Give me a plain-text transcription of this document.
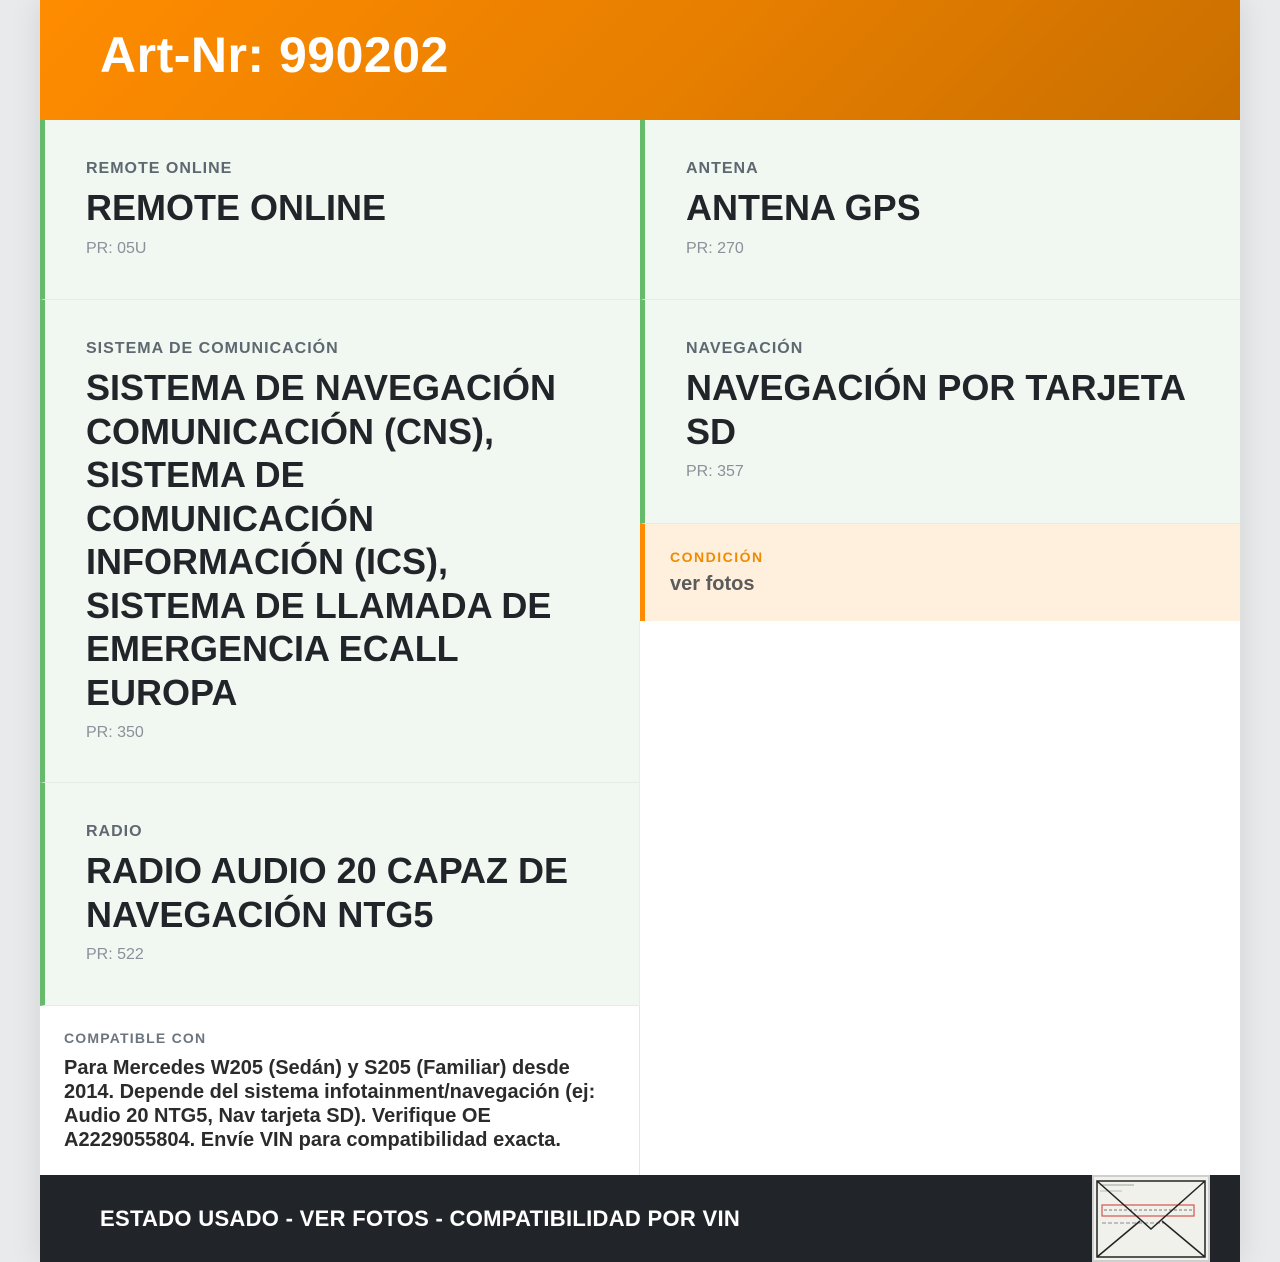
Art-Nr: 990202

REMOTE ONLINE

REMOTE ONLINE

PR: 05U

SISTEMA DE COMUNICACIÓN

SISTEMA DE NAVEGACIÓN COMUNICACIÓN (CNS), SISTEMA DE COMUNICACIÓN INFORMACIÓN (ICS), SISTEMA DE LLAMADA DE EMERGENCIA ECALL EUROPA

PR: 350

RADIO

RADIO AUDIO 20 CAPAZ DE NAVEGACIÓN NTG5

PR: 522

ANTENA

ANTENA GPS

PR: 270

NAVEGACIÓN

NAVEGACIÓN POR TARJETA SD

PR: 357
CONDICIÓN
ver fotos
COMPATIBLE CON
Para Mercedes W205 (Sedán) y S205 (Familiar) desde 2014. Depende del sistema infotainment/navegación (ej: Audio 20 NTG5, Nav tarjeta SD). Verifique OE A2229055804. Envíe VIN para compatibilidad exacta.
ESTADO USADO - VER FOTOS - COMPATIBILIDAD POR VIN
